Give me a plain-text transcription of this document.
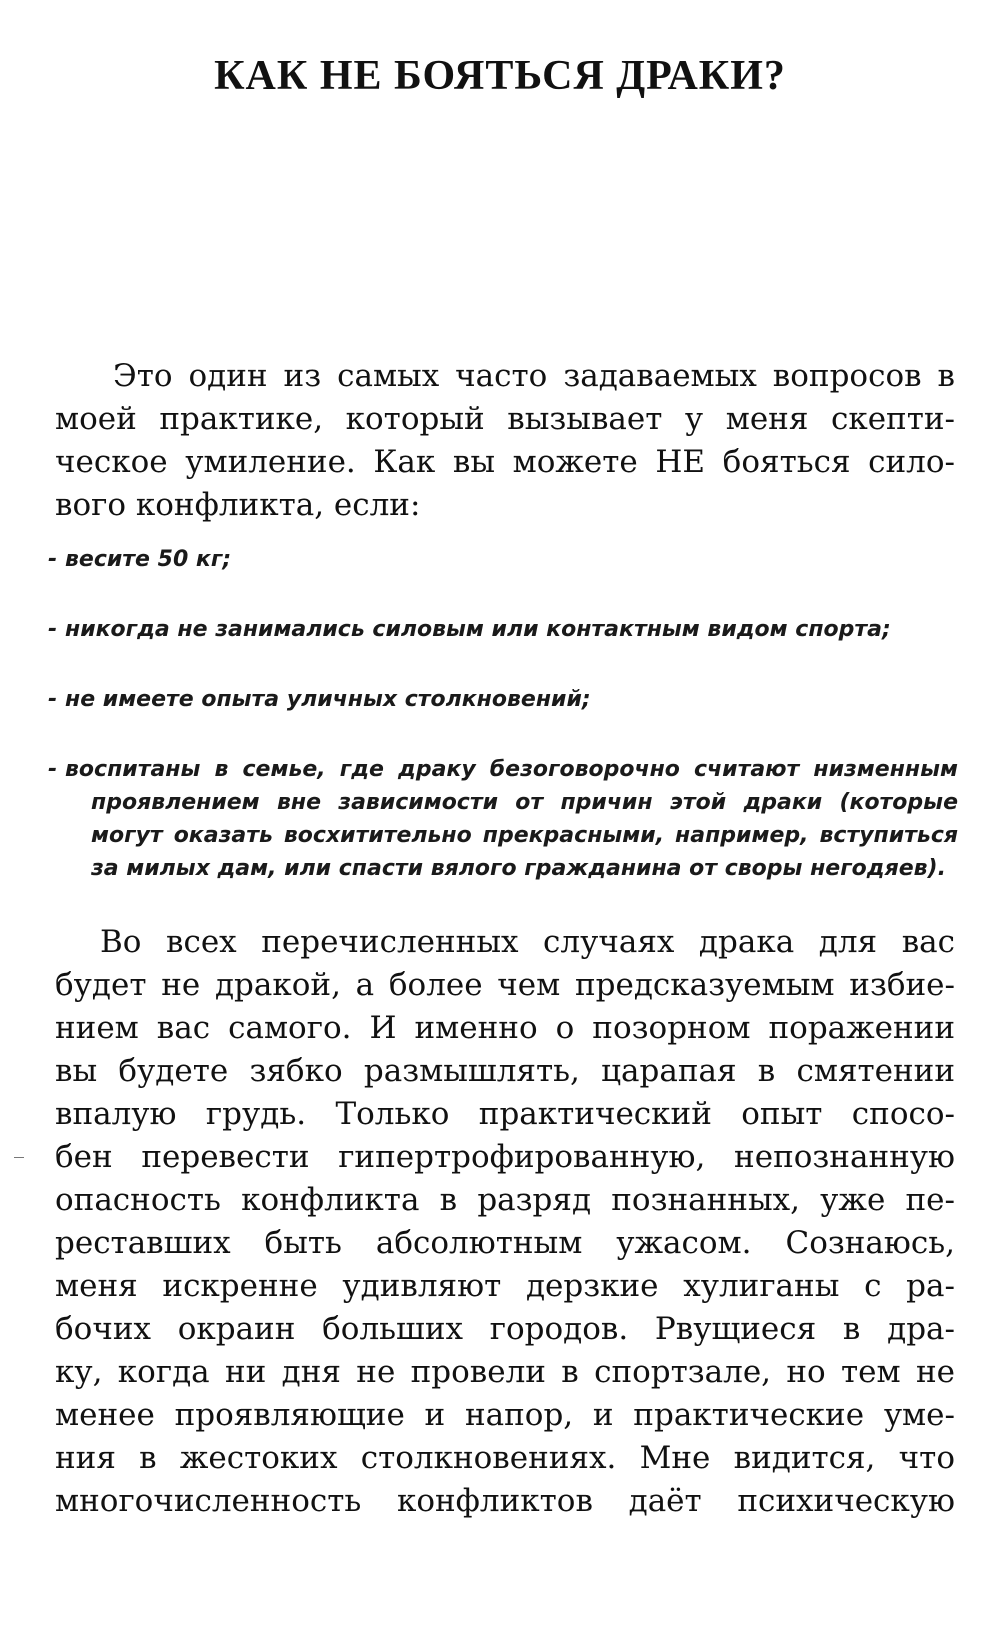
КАК НЕ БОЯТЬСЯ ДРАКИ?
Это один из самых часто задаваемых вопросов в
моей практике, который вызывает у меня скепти-
ческое умиление. Как вы можете НЕ бояться сило-
вого конфликта, если:
- весите 50 кг;
- никогда не занимались силовым или контактным видом спорта;
- не имеете опыта уличных столкновений;
- воспитаны в семье, где драку безоговорочно считают низменным проявлением вне зависимости от причин этой драки (которые могут оказать восхитительно прекрасными, например, вступиться за милых дам, или спасти вялого гражданина от своры негодяев).
Во всех перечисленных случаях драка для вас
будет не дракой, а более чем предсказуемым избие-
нием вас самого. И именно о позорном поражении
вы будете зябко размышлять, царапая в смятении
впалую грудь. Только практический опыт спосо-
бен перевести гипертрофированную, непознанную
опасность конфликта в разряд познанных, уже пе-
реставших быть абсолютным ужасом. Сознаюсь,
меня искренне удивляют дерзкие хулиганы с ра-
бочих окраин больших городов. Рвущиеся в дра-
ку, когда ни дня не провели в спортзале, но тем не
менее проявляющие и напор, и практические уме-
ния в жестоких столкновениях. Мне видится, что
многочисленность конфликтов даёт психическую
